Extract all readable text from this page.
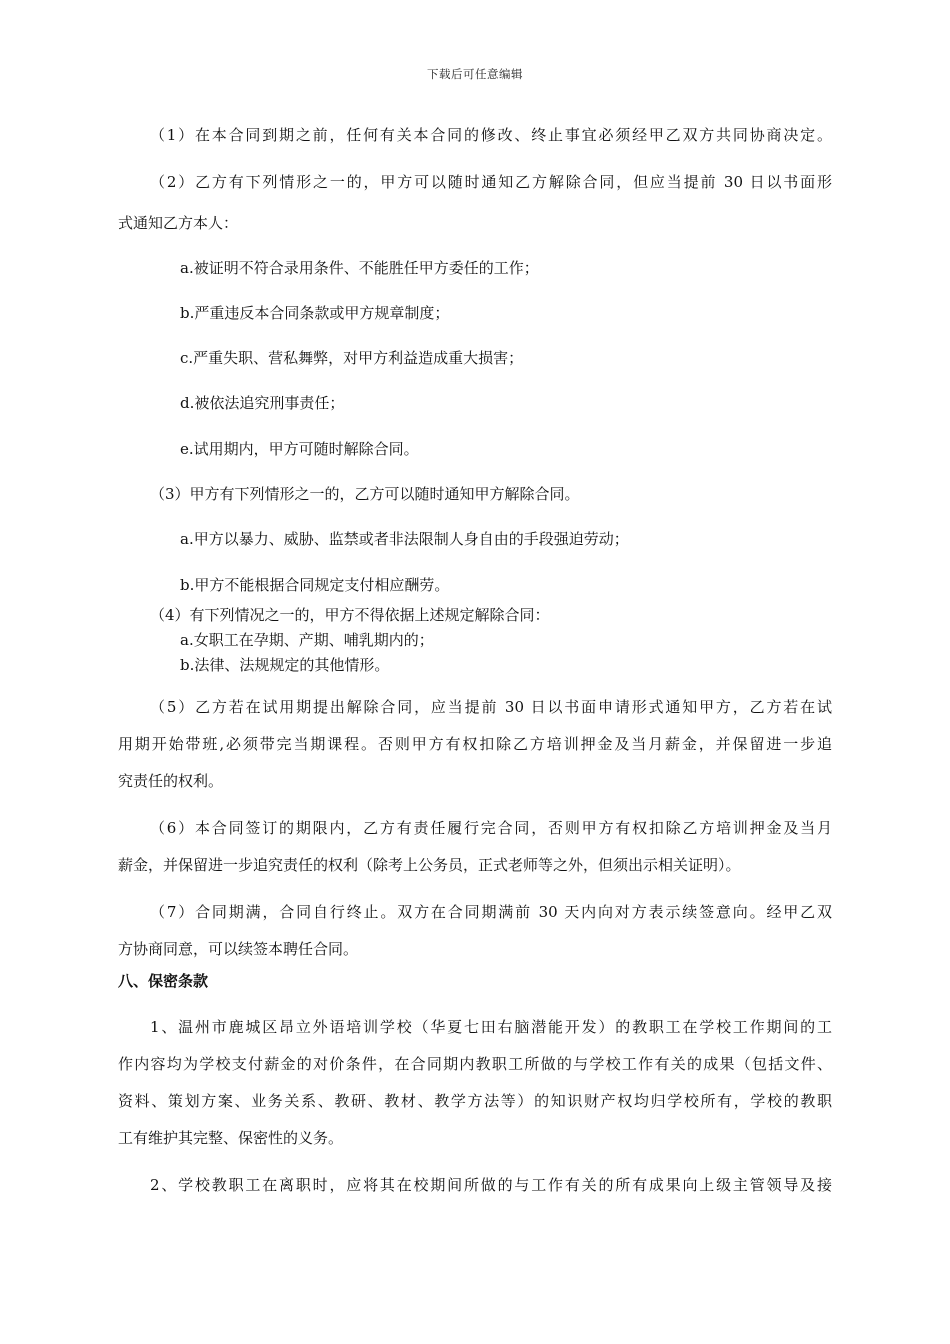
下载后可任意编辑
（1）在本合同到期之前，任何有关本合同的修改、终止事宜必须经甲乙双方共同协商决定。
（2）乙方有下列情形之一的，甲方可以随时通知乙方解除合同，但应当提前 30 日以书面形
式通知乙方本人：
a.被证明不符合录用条件、不能胜任甲方委任的工作；
b.严重违反本合同条款或甲方规章制度；
c.严重失职、营私舞弊，对甲方利益造成重大损害；
d.被依法追究刑事责任；
e.试用期内，甲方可随时解除合同。
（3）甲方有下列情形之一的，乙方可以随时通知甲方解除合同。
a.甲方以暴力、威胁、监禁或者非法限制人身自由的手段强迫劳动；
b.甲方不能根据合同规定支付相应酬劳。
（4）有下列情况之一的，甲方不得依据上述规定解除合同：
a.女职工在孕期、产期、哺乳期内的；
b.法律、法规规定的其他情形。
（5）乙方若在试用期提出解除合同，应当提前 30 日以书面申请形式通知甲方，乙方若在试
用期开始带班,必须带完当期课程。否则甲方有权扣除乙方培训押金及当月薪金，并保留进一步追
究责任的权利。
（6）本合同签订的期限内，乙方有责任履行完合同，否则甲方有权扣除乙方培训押金及当月
薪金，并保留进一步追究责任的权利（除考上公务员，正式老师等之外，但须出示相关证明）。
（7）合同期满，合同自行终止。双方在合同期满前 30 天内向对方表示续签意向。经甲乙双
方协商同意，可以续签本聘任合同。
八、保密条款
1、温州市鹿城区昂立外语培训学校（华夏七田右脑潜能开发）的教职工在学校工作期间的工
作内容均为学校支付薪金的对价条件，在合同期内教职工所做的与学校工作有关的成果（包括文件、
资料、策划方案、业务关系、教研、教材、教学方法等）的知识财产权均归学校所有，学校的教职
工有维护其完整、保密性的义务。
2、学校教职工在离职时，应将其在校期间所做的与工作有关的所有成果向上级主管领导及接
